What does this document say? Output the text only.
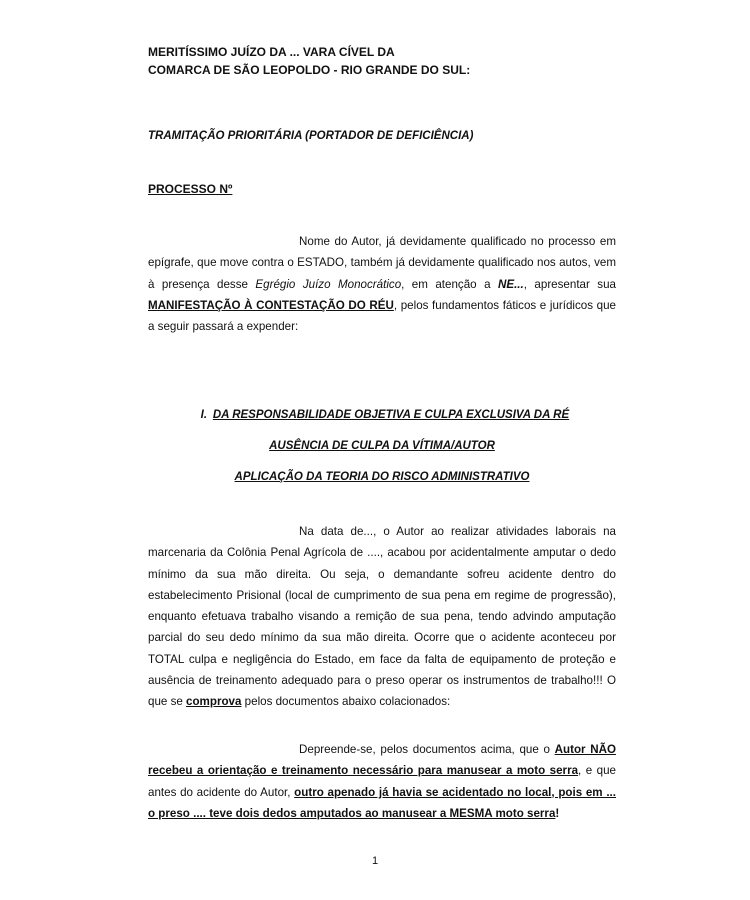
MERITÍSSIMO JUÍZO DA ... VARA CÍVEL DA
COMARCA DE SÃO LEOPOLDO - RIO GRANDE DO SUL:
TRAMITAÇÃO PRIORITÁRIA (PORTADOR DE DEFICIÊNCIA)
PROCESSO Nº
Nome do Autor, já devidamente qualificado no processo em epígrafe, que move contra o ESTADO, também já devidamente qualificado nos autos, vem à presença desse Egrégio Juízo Monocrático, em atenção a NE..., apresentar sua MANIFESTAÇÃO À CONTESTAÇÃO DO RÉU, pelos fundamentos fáticos e jurídicos que a seguir passará a expender:
I. DA RESPONSABILIDADE OBJETIVA E CULPA EXCLUSIVA DA RÉ
AUSÊNCIA DE CULPA DA VÍTIMA/AUTOR
APLICAÇÃO DA TEORIA DO RISCO ADMINISTRATIVO
Na data de..., o Autor ao realizar atividades laborais na marcenaria da Colônia Penal Agrícola de ...., acabou por acidentalmente amputar o dedo mínimo da sua mão direita. Ou seja, o demandante sofreu acidente dentro do estabelecimento Prisional (local de cumprimento de sua pena em regime de progressão), enquanto efetuava trabalho visando a remição de sua pena, tendo advindo amputação parcial do seu dedo mínimo da sua mão direita. Ocorre que o acidente aconteceu por TOTAL culpa e negligência do Estado, em face da falta de equipamento de proteção e ausência de treinamento adequado para o preso operar os instrumentos de trabalho!!! O que se comprova pelos documentos abaixo colacionados:
Depreende-se, pelos documentos acima, que o Autor NÃO recebeu a orientação e treinamento necessário para manusear a moto serra, e que antes do acidente do Autor, outro apenado já havia se acidentado no local, pois em ... o preso .... teve dois dedos amputados ao manusear a MESMA moto serra!
1
